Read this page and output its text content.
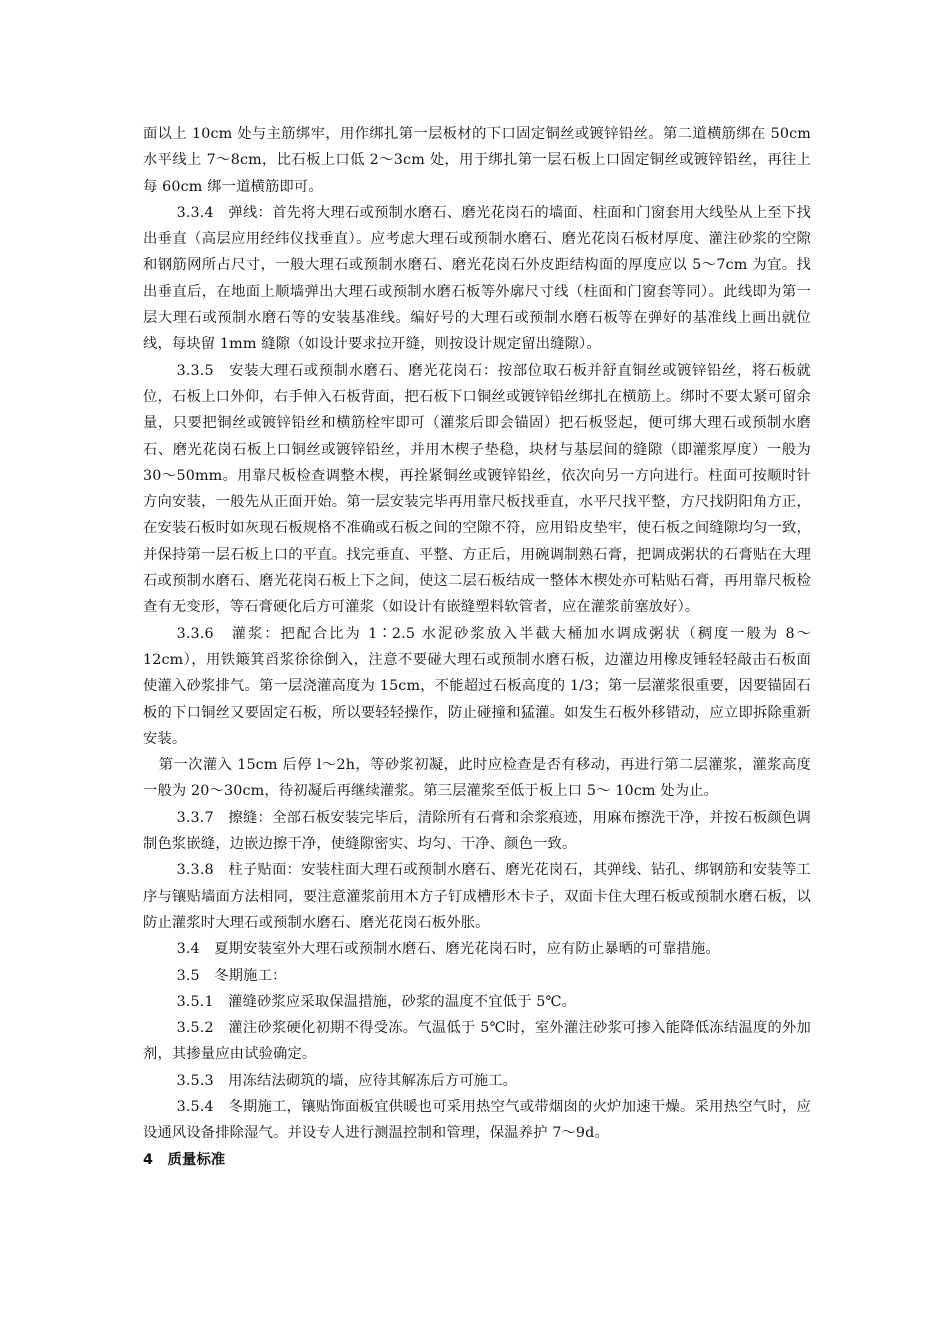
面以上 10cm 处与主筋绑牢，用作绑扎第一层板材的下口固定铜丝或镀锌铅丝。第二道横筋绑在 50cm 水平线上 7～8cm，比石板上口低 2～3cm 处，用于绑扎第一层石板上口固定铜丝或镀锌铅丝，再往上每 60cm 绑一道横筋即可。

3.3.4　弹线：首先将大理石或预制水磨石、磨光花岗石的墙面、柱面和门窗套用大线坠从上至下找出垂直（高层应用经纬仪找垂直）。应考虑大理石或预制水磨石、磨光花岗石板材厚度、灌注砂浆的空隙和钢筋网所占尺寸，一般大理石或预制水磨石、磨光花岗石外皮距结构面的厚度应以 5～7cm 为宜。找出垂直后，在地面上顺墙弹出大理石或预制水磨石板等外廓尺寸线（柱面和门窗套等同）。此线即为第一层大理石或预制水磨石等的安装基准线。编好号的大理石或预制水磨石板等在弹好的基准线上画出就位线，每块留 1mm 缝隙（如设计要求拉开缝，则按设计规定留出缝隙）。

3.3.5　安装大理石或预制水磨石、磨光花岗石：按部位取石板并舒直铜丝或镀锌铅丝，将石板就位，石板上口外仰，右手伸入石板背面，把石板下口铜丝或镀锌铅丝绑扎在横筋上。绑时不要太紧可留余量，只要把铜丝或镀锌铅丝和横筋栓牢即可（灌浆后即会锚固）把石板竖起，便可绑大理石或预制水磨石、磨光花岗石板上口铜丝或镀锌铅丝，并用木楔子垫稳，块材与基层间的缝隙（即灌浆厚度）一般为 30～50mm。用靠尺板检查调整木楔，再拴紧铜丝或镀锌铅丝，依次向另一方向进行。柱面可按顺时针方向安装，一般先从正面开始。第一层安装完毕再用靠尺板找垂直，水平尺找平整，方尺找阴阳角方正，在安装石板时如灰现石板规格不准确或石板之间的空隙不符，应用铅皮垫牢，使石板之间缝隙均匀一致，并保持第一层石板上口的平直。找完垂直、平整、方正后，用碗调制熟石膏，把调成粥状的石膏贴在大理石或预制水磨石、磨光花岗石板上下之间，使这二层石板结成一整体木楔处亦可粘贴石膏，再用靠尺板检查有无变形，等石膏硬化后方可灌浆（如设计有嵌缝塑料软管者，应在灌浆前塞放好）。

3.3.6　灌浆：把配合比为 1∶2.5 水泥砂浆放入半截大桶加水调成粥状（稠度一般为 8～ 12cm），用铁簸箕舀浆徐徐倒入，注意不要碰大理石或预制水磨石板，边灌边用橡皮锤轻轻敲击石板面使灌入砂浆排气。第一层浇灌高度为 15cm，不能超过石板高度的 1/3；第一层灌浆很重要，因要锚固石板的下口铜丝又要固定石板，所以要轻轻操作，防止碰撞和猛灌。如发生石板外移错动，应立即拆除重新安装。

第一次灌入 15cm 后停 l～2h，等砂浆初凝，此时应检查是否有移动，再进行第二层灌浆，灌浆高度一般为 20～30cm，待初凝后再继续灌浆。第三层灌浆至低于板上口 5～ 10cm 处为止。

3.3.7　擦缝：全部石板安装完毕后，清除所有石膏和余浆痕迹，用麻布擦洗干净，并按石板颜色调制色浆嵌缝，边嵌边擦干净，使缝隙密实、均匀、干净、颜色一致。

3.3.8　柱子贴面：安装柱面大理石或预制水磨石、磨光花岗石，其弹线、钻孔、绑钢筋和安装等工序与镶贴墙面方法相同，要注意灌浆前用木方子钉成槽形木卡子，双面卡住大理石板或预制水磨石板，以防止灌浆时大理石或预制水磨石、磨光花岗石板外胀。

3.4　夏期安装室外大理石或预制水磨石、磨光花岗石时，应有防止暴晒的可靠措施。

3.5　冬期施工：

3.5.1　灌缝砂浆应采取保温措施，砂浆的温度不宜低于 5℃。

3.5.2　灌注砂浆硬化初期不得受冻。气温低于 5℃时，室外灌注砂浆可掺入能降低冻结温度的外加剂，其掺量应由试验确定。

3.5.3　用冻结法砌筑的墙，应待其解冻后方可施工。

3.5.4　冬期施工，镶贴饰面板宜供暖也可采用热空气或带烟囱的火炉加速干燥。采用热空气时，应设通风设备排除湿气。并设专人进行测温控制和管理，保温养护 7～9d。

4　质量标准
